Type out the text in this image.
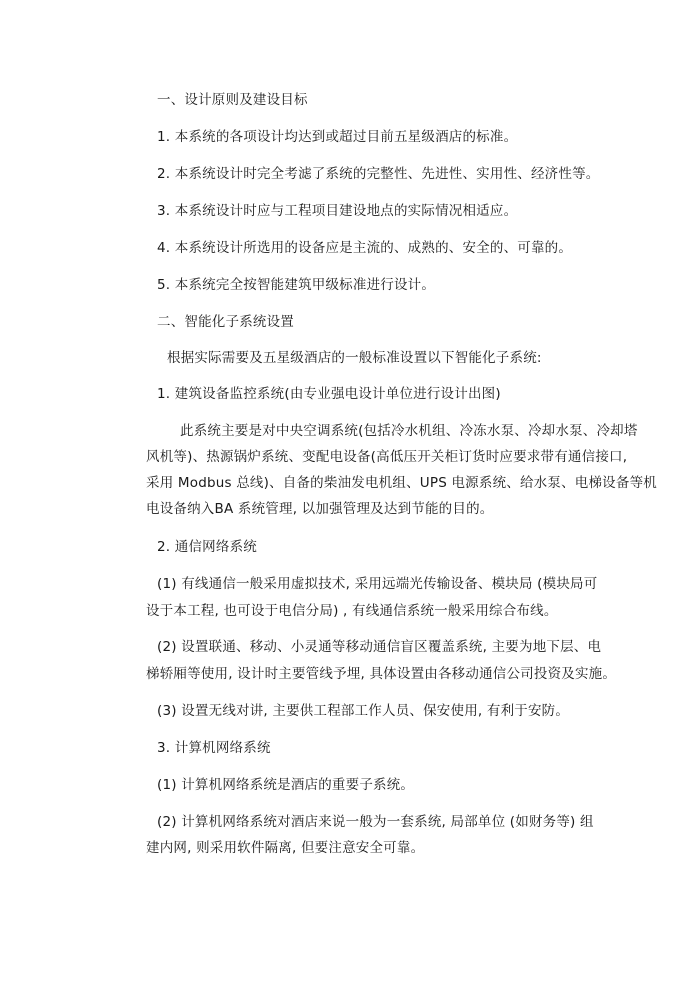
一、设计原则及建设目标
1. 本系统的各项设计均达到或超过目前五星级酒店的标准。
2. 本系统设计时完全考滤了系统的完整性、先进性、实用性、经济性等。
3. 本系统设计时应与工程项目建设地点的实际情况相适应。
4. 本系统设计所选用的设备应是主流的、成熟的、安全的、可靠的。
5. 本系统完全按智能建筑甲级标准进行设计。
二、智能化子系统设置
根据实际需要及五星级酒店的一般标准设置以下智能化子系统:
1. 建筑设备监控系统(由专业强电设计单位进行设计出图)
此系统主要是对中央空调系统(包括冷水机组、冷冻水泵、冷却水泵、冷却塔
风机等)、热源锅炉系统、变配电设备(高低压开关柜订货时应要求带有通信接口,
采用 Modbus 总线)、自备的柴油发电机组、UPS 电源系统、给水泵、电梯设备等机
电设备纳入BA 系统管理, 以加强管理及达到节能的目的。
2. 通信网络系统
(1) 有线通信一般采用虚拟技术, 采用远端光传输设备、模块局 (模块局可
设于本工程, 也可设于电信分局) , 有线通信系统一般采用综合布线。
(2) 设置联通、移动、小灵通等移动通信盲区覆盖系统, 主要为地下层、电
梯轿厢等使用, 设计时主要管线予埋, 具体设置由各移动通信公司投资及实施。
(3) 设置无线对讲, 主要供工程部工作人员、保安使用, 有利于安防。
3. 计算机网络系统
(1) 计算机网络系统是酒店的重要子系统。
(2) 计算机网络系统对酒店来说一般为一套系统, 局部单位 (如财务等) 组
建内网, 则采用软件隔离, 但要注意安全可靠。
